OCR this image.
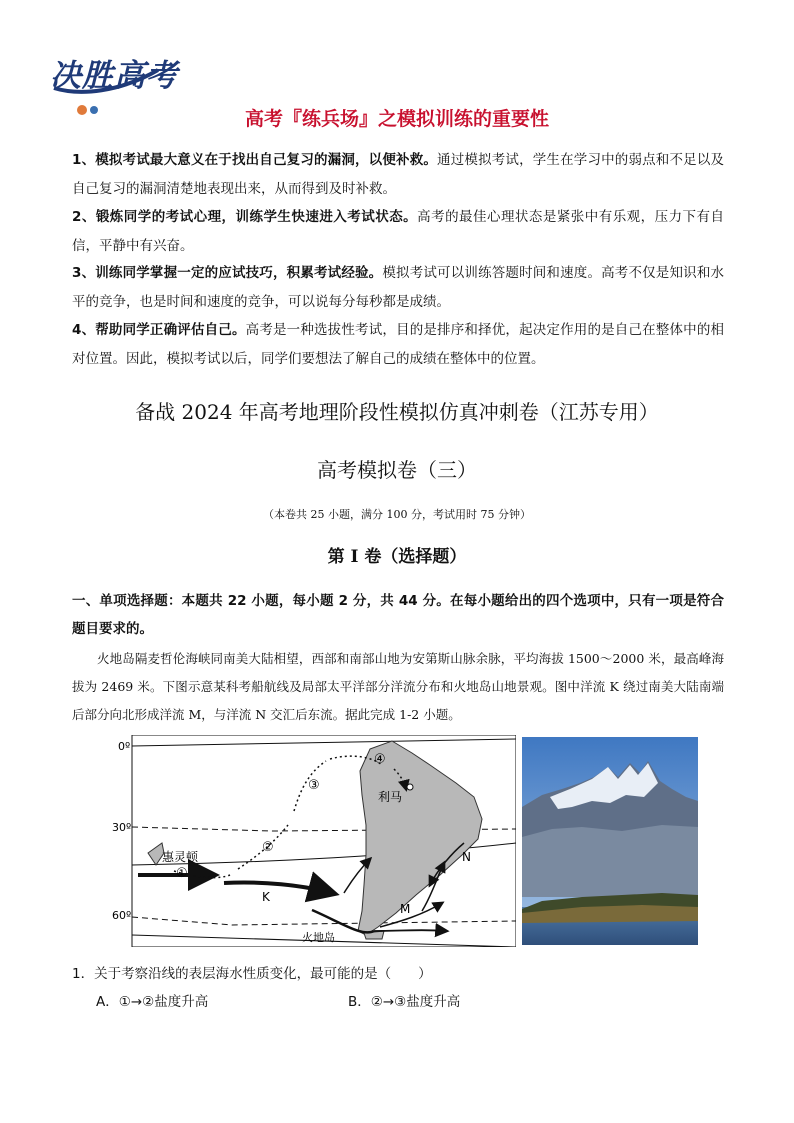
决胜高考
高考『练兵场』之模拟训练的重要性
1、模拟考试最大意义在于找出自己复习的漏洞，以便补救。通过模拟考试，学生在学习中的弱点和不足以及自己复习的漏洞清楚地表现出来，从而得到及时补救。
2、锻炼同学的考试心理，训练学生快速进入考试状态。高考的最佳心理状态是紧张中有乐观，压力下有自信，平静中有兴奋。
3、训练同学掌握一定的应试技巧，积累考试经验。模拟考试可以训练答题时间和速度。高考不仅是知识和水平的竞争，也是时间和速度的竞争，可以说每分每秒都是成绩。
4、帮助同学正确评估自己。高考是一种选拔性考试，目的是排序和择优，起决定作用的是自己在整体中的相对位置。因此，模拟考试以后，同学们要想法了解自己的成绩在整体中的位置。
备战 2024 年高考地理阶段性模拟仿真冲刺卷（江苏专用）
高考模拟卷（三）
（本卷共 25 小题，满分 100 分，考试用时 75 分钟）
第 I 卷（选择题）
一、单项选择题：本题共 22 小题，每小题 2 分，共 44 分。在每小题给出的四个选项中，只有一项是符合题目要求的。
火地岛隔麦哲伦海峡同南美大陆相望，西部和南部山地为安第斯山脉余脉，平均海拔 1500～2000 米，最高峰海拔为 2469 米。下图示意某科考船航线及局部太平洋部分洋流分布和火地岛山地景观。图中洋流 K 绕过南美大陆南端后部分向北形成洋流 M，与洋流 N 交汇后东流。据此完成 1-2 小题。
0º
30º
60º
利马
惠灵顿
火地岛
①
②
③
④
K
M
N
1．关于考察沿线的表层海水性质变化，最可能的是（　　）
A．①→②盐度升高	B．②→③盐度升高
